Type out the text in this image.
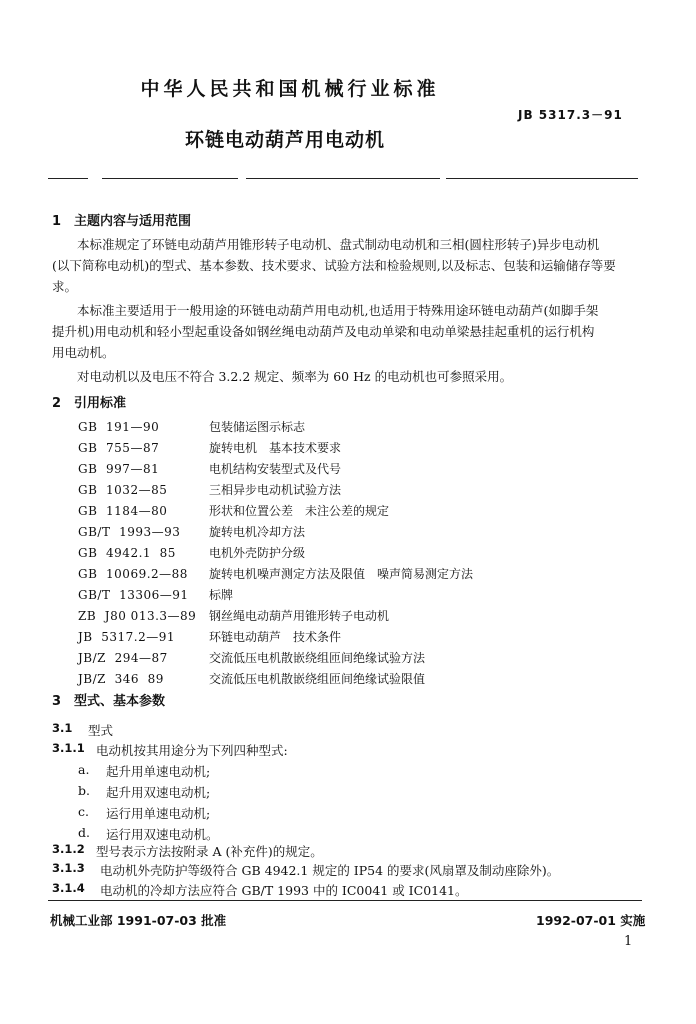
中华人民共和国机械行业标准
JB 5317.3－91
环链电动葫芦用电动机
1 主题内容与适用范围
本标准规定了环链电动葫芦用锥形转子电动机、盘式制动电动机和三相(圆柱形转子)异步电动机
(以下简称电动机)的型式、基本参数、技术要求、试验方法和检验规则,以及标志、包装和运输储存等要
求。
本标准主要适用于一般用途的环链电动葫芦用电动机,也适用于特殊用途环链电动葫芦(如脚手架
提升机)用电动机和轻小型起重设备如钢丝绳电动葫芦及电动单梁和电动单梁悬挂起重机的运行机构
用电动机。
对电动机以及电压不符合 3.2.2 规定、频率为 60 Hz 的电动机也可参照采用。
2 引用标准
GB  191—90	包装储运图示标志
GB  755—87	旋转电机　基本技术要求
GB  997—81	电机结构安装型式及代号
GB  1032—85	三相异步电动机试验方法
GB  1184—80	形状和位置公差　未注公差的规定
GB/T  1993—93 旋转电机冷却方法
GB  4942.1  85	电机外壳防护分级
GB  10069.2—88 旋转电机噪声测定方法及限值　噪声简易测定方法
GB/T  13306—91 标牌
ZB  J80 013.3—89 钢丝绳电动葫芦用锥形转子电动机
JB  5317.2—91	环链电动葫芦　技术条件
JB/Z  294—87	交流低压电机散嵌绕组匝间绝缘试验方法
JB/Z  346  89	交流低压电机散嵌绕组匝间绝缘试验限值
3 型式、基本参数
3.1 型式
3.1.1 电动机按其用途分为下列四种型式:
a. 起升用单速电动机;
b. 起升用双速电动机;
c. 运行用单速电动机;
d. 运行用双速电动机。
3.1.2 型号表示方法按附录 A (补充件)的规定。
3.1.3 电动机外壳防护等级符合 GB 4942.1 规定的 IP54 的要求(风扇罩及制动座除外)。
3.1.4 电动机的冷却方法应符合 GB/T 1993 中的 IC0041 或 IC0141。
机械工业部 1991-07-03 批准	1992-07-01 实施
1
